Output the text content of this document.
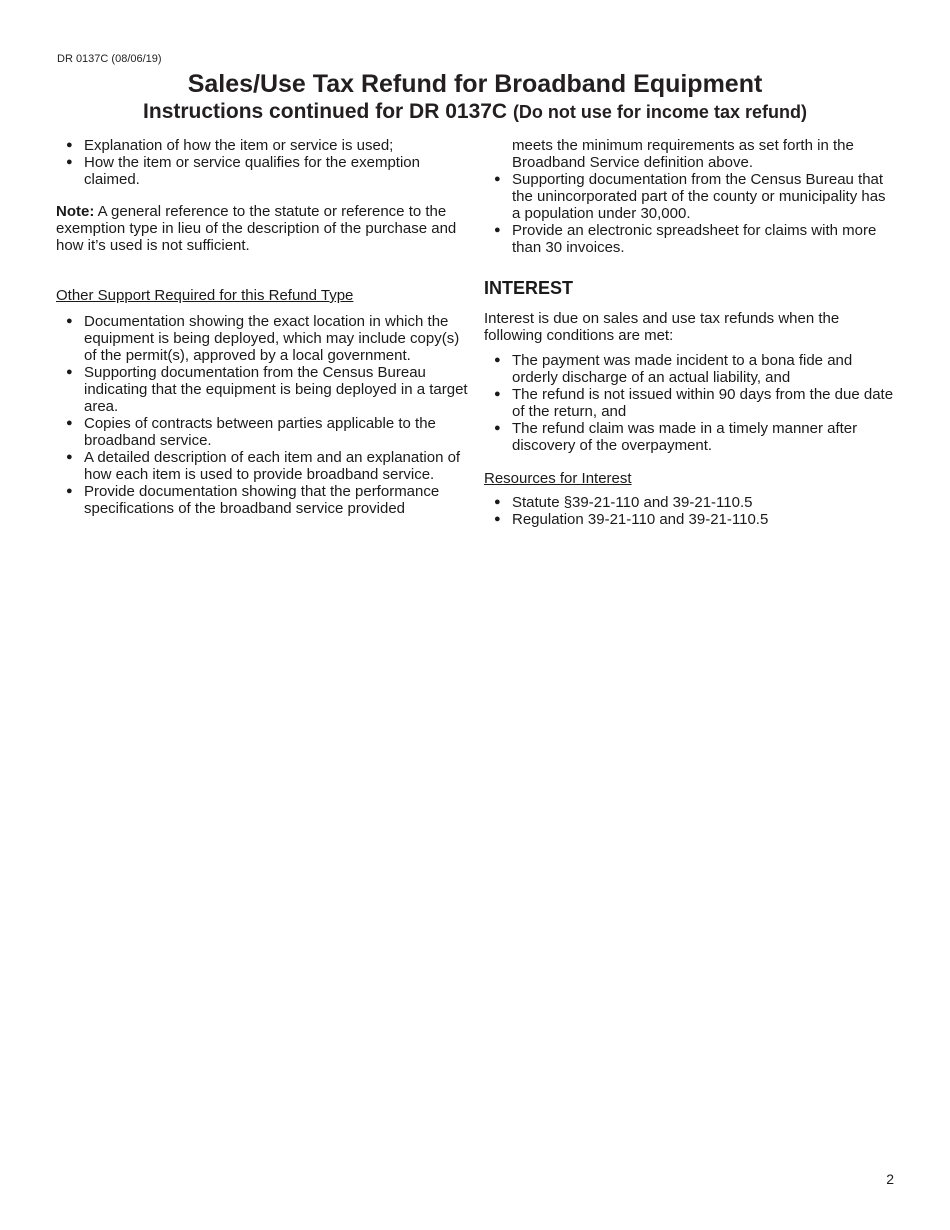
DR 0137C (08/06/19)
Sales/Use Tax Refund for Broadband Equipment
Instructions continued for DR 0137C (Do not use for income tax refund)
● Explanation of how the item or service is used;
● How the item or service qualifies for the exemption claimed.

Note: A general reference to the statute or reference to the exemption type in lieu of the description of the purchase and how it’s used is not sufficient.

Other Support Required for this Refund Type

● Documentation showing the exact location in which the equipment is being deployed, which may include copy(s) of the permit(s), approved by a local government.
● Supporting documentation from the Census Bureau indicating that the equipment is being deployed in a target area.
● Copies of contracts between parties applicable to the broadband service.
● A detailed description of each item and an explanation of how each item is used to provide broadband service.
● Provide documentation showing that the performance specifications of the broadband service provided

meets the minimum requirements as set forth in the Broadband Service definition above.

● Supporting documentation from the Census Bureau that the unincorporated part of the county or municipality has a population under 30,000.
● Provide an electronic spreadsheet for claims with more than 30 invoices.
INTEREST

Interest is due on sales and use tax refunds when the following conditions are met:

● The payment was made incident to a bona fide and orderly discharge of an actual liability, and
● The refund is not issued within 90 days from the due date of the return, and
● The refund claim was made in a timely manner after discovery of the overpayment.

Resources for Interest

● Statute §39-21-110 and 39-21-110.5
● Regulation 39-21-110 and 39-21-110.5
2
